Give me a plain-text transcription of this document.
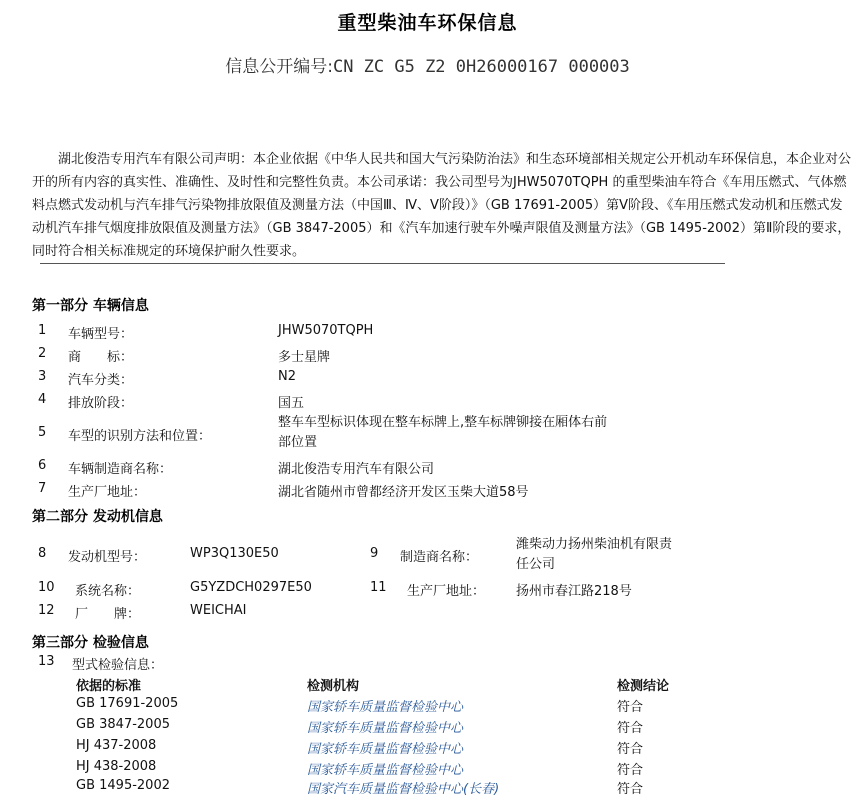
重型柴油车环保信息
信息公开编号:CN ZC G5 Z2 0H26000167 000003
湖北俊浩专用汽车有限公司声明：本企业依据《中华人民共和国大气污染防治法》和生态环境部相关规定公开机动车环保信息，本企业对公开的所有内容的真实性、准确性、及时性和完整性负责。本公司承诺：我公司型号为JHW5070TQPH 的重型柴油车符合《车用压燃式、气体燃料点燃式发动机与汽车排气污染物排放限值及测量方法（中国Ⅲ、Ⅳ、Ⅴ阶段）》（GB 17691-2005）第Ⅴ阶段、《车用压燃式发动机和压燃式发动机汽车排气烟度排放限值及测量方法》（GB 3847-2005）和《汽车加速行驶车外噪声限值及测量方法》（GB 1495-2002）第Ⅱ阶段的要求，同时符合相关标准规定的环境保护耐久性要求。
第一部分 车辆信息
1 车辆型号：	JHW5070TQPH
2 商　　标：	多士星牌
3 汽车分类：	N2
4 排放阶段：	国五
5 车型的识别方法和位置：
整车车型标识体现在整车标牌上,整车标牌铆接在厢体右前部位置
6 车辆制造商名称：	湖北俊浩专用汽车有限公司
7 生产厂地址：	湖北省随州市曾都经济开发区玉柴大道58号
第二部分 发动机信息
8 发动机型号：	WP3Q130E50	9 制造商名称：
潍柴动力扬州柴油机有限责任公司
10 系统名称：	G5YZDCH0297E50	11 生产厂地址： 扬州市春江路218号
12 厂　　牌：	WEICHAI
第三部分 检验信息
13 型式检验信息：
依据的标准	检测机构	检测结论
GB 17691-2005	国家轿车质量监督检验中心	符合
GB 3847-2005	国家轿车质量监督检验中心	符合
HJ 437-2008	国家轿车质量监督检验中心	符合
HJ 438-2008	国家轿车质量监督检验中心	符合
GB 1495-2002	国家汽车质量监督检验中心(长春)	符合
